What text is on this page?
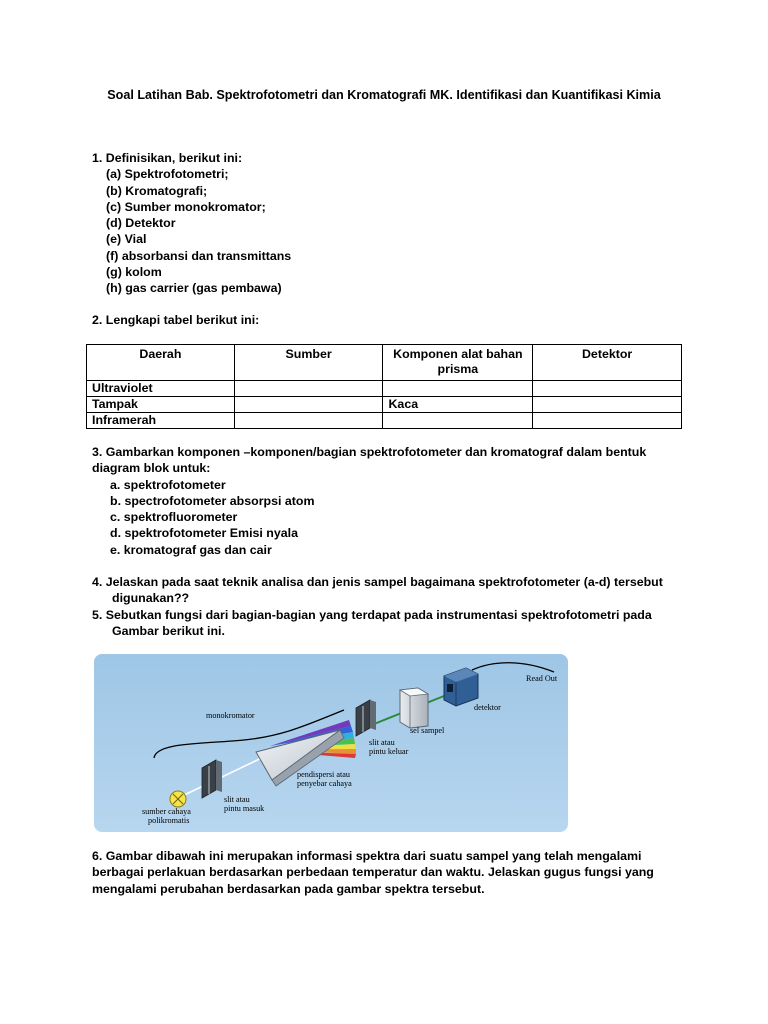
Soal Latihan Bab. Spektrofotometri dan Kromatografi MK. Identifikasi dan Kuantifikasi Kimia
1. Definisikan, berikut ini:
(a) Spektrofotometri;
(b) Kromatografi;
(c) Sumber monokromator;
(d) Detektor
(e) Vial
(f) absorbansi dan transmittans
(g) kolom
(h) gas carrier (gas pembawa)
2. Lengkapi tabel berikut ini:
Daerah	Sumber	Komponen alat bahan prisma	Detektor
Ultraviolet			
Tampak		Kaca	
Inframerah			
3. Gambarkan komponen –komponen/bagian spektrofotometer dan kromatograf dalam bentuk
diagram blok untuk:
a. spektrofotometer
b. spectrofotometer absorpsi atom
c. spektrofluorometer
d. spektrofotometer Emisi nyala
e. kromatograf gas dan cair
4. Jelaskan pada saat teknik analisa dan jenis sampel bagaimana spektrofotometer (a-d) tersebut
digunakan??
5. Sebutkan fungsi dari bagian-bagian yang terdapat pada instrumentasi spektrofotometri pada
Gambar berikut ini.
Read Out
detektor
monokromator
sel sampel
slit atau
pintu keluar
pendispersi atau
penyebar cahaya
slit atau
pintu masuk
sumber cahaya
polikromatis
6. Gambar dibawah ini merupakan informasi spektra dari suatu sampel yang telah mengalami
berbagai perlakuan berdasarkan perbedaan temperatur dan waktu. Jelaskan gugus fungsi yang
mengalami perubahan berdasarkan pada gambar spektra tersebut.
